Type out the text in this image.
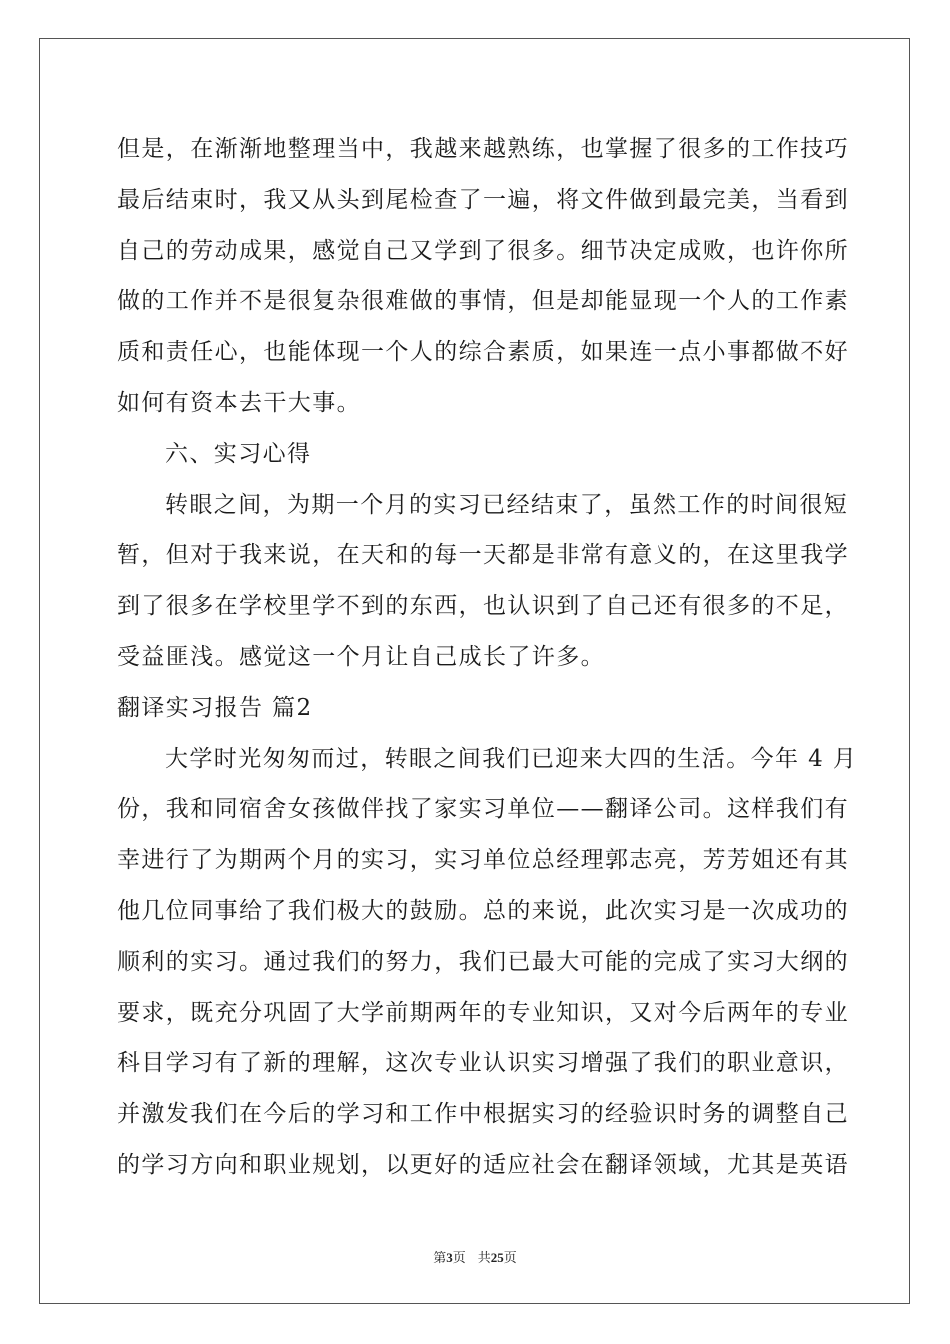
但是，在渐渐地整理当中，我越来越熟练，也掌握了很多的工作技巧
最后结束时，我又从头到尾检查了一遍，将文件做到最完美，当看到
自己的劳动成果，感觉自己又学到了很多。细节决定成败，也许你所
做的工作并不是很复杂很难做的事情，但是却能显现一个人的工作素
质和责任心，也能体现一个人的综合素质，如果连一点小事都做不好
如何有资本去干大事。
六、实习心得
转眼之间，为期一个月的实习已经结束了，虽然工作的时间很短
暂，但对于我来说，在天和的每一天都是非常有意义的，在这里我学
到了很多在学校里学不到的东西，也认识到了自己还有很多的不足，
受益匪浅。感觉这一个月让自己成长了许多。
翻译实习报告 篇2
大学时光匆匆而过，转眼之间我们已迎来大四的生活。今年 4 月
份，我和同宿舍女孩做伴找了家实习单位——翻译公司。这样我们有
幸进行了为期两个月的实习，实习单位总经理郭志亮，芳芳姐还有其
他几位同事给了我们极大的鼓励。总的来说，此次实习是一次成功的
顺利的实习。通过我们的努力，我们已最大可能的完成了实习大纲的
要求，既充分巩固了大学前期两年的专业知识，又对今后两年的专业
科目学习有了新的理解，这次专业认识实习增强了我们的职业意识，
并激发我们在今后的学习和工作中根据实习的经验识时务的调整自己
的学习方向和职业规划，以更好的适应社会在翻译领域，尤其是英语
第3页 共25页
